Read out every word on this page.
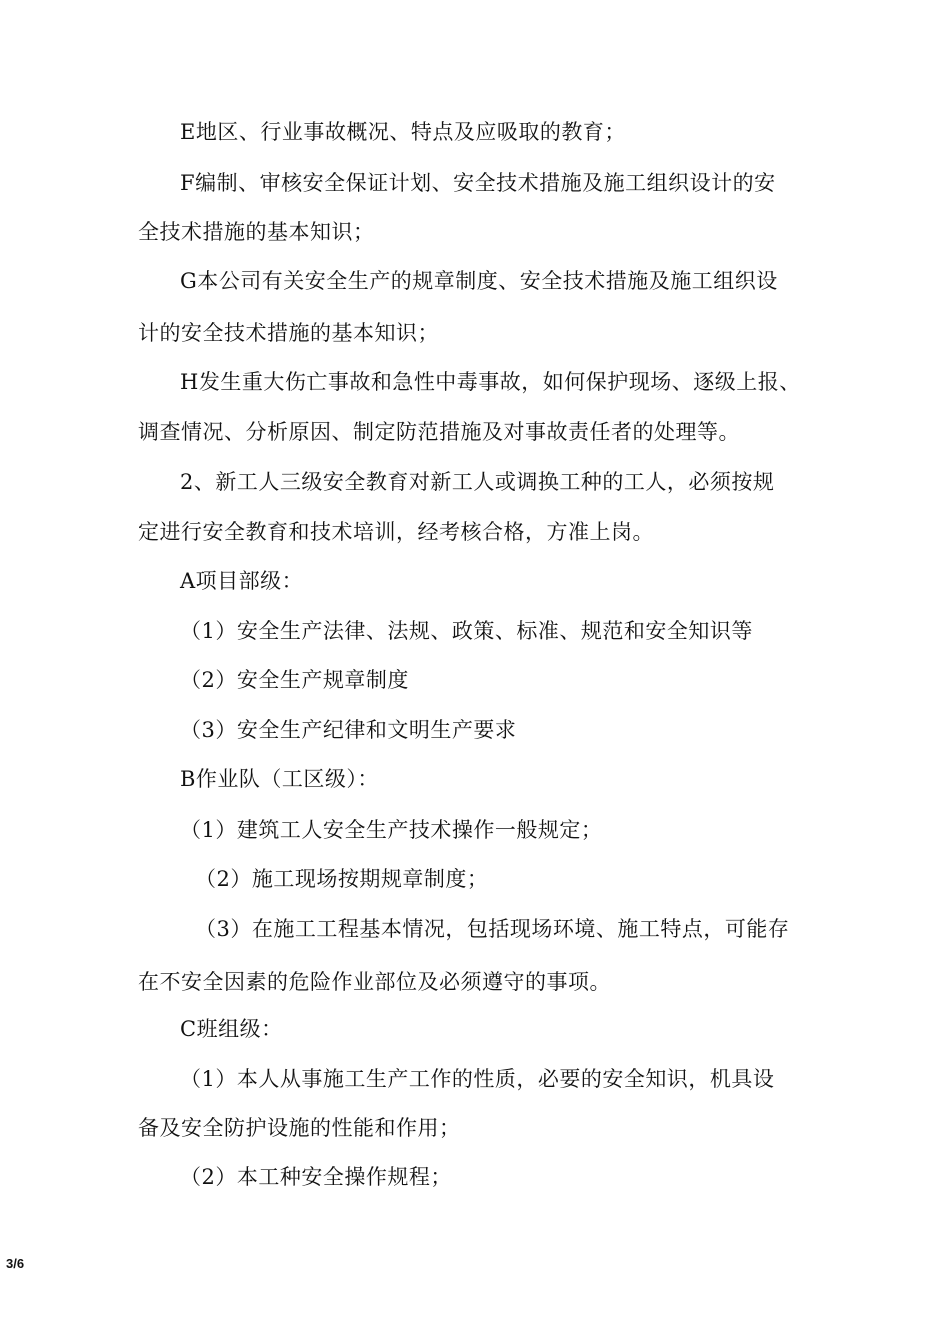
E地区、行业事故概况、特点及应吸取的教育；
F编制、审核安全保证计划、安全技术措施及施工组织设计的安
全技术措施的基本知识；
G本公司有关安全生产的规章制度、安全技术措施及施工组织设
计的安全技术措施的基本知识；
H发生重大伤亡事故和急性中毒事故，如何保护现场、逐级上报、
调查情况、分析原因、制定防范措施及对事故责任者的处理等。
2、新工人三级安全教育对新工人或调换工种的工人，必须按规
定进行安全教育和技术培训，经考核合格，方准上岗。
A项目部级：
（1）安全生产法律、法规、政策、标准、规范和安全知识等
（2）安全生产规章制度
（3）安全生产纪律和文明生产要求
B作业队（工区级）：
（1）建筑工人安全生产技术操作一般规定；
（2）施工现场按期规章制度；
（3）在施工工程基本情况，包括现场环境、施工特点，可能存
在不安全因素的危险作业部位及必须遵守的事项。
C班组级：
（1）本人从事施工生产工作的性质，必要的安全知识，机具设
备及安全防护设施的性能和作用；
（2）本工种安全操作规程；
3/6
